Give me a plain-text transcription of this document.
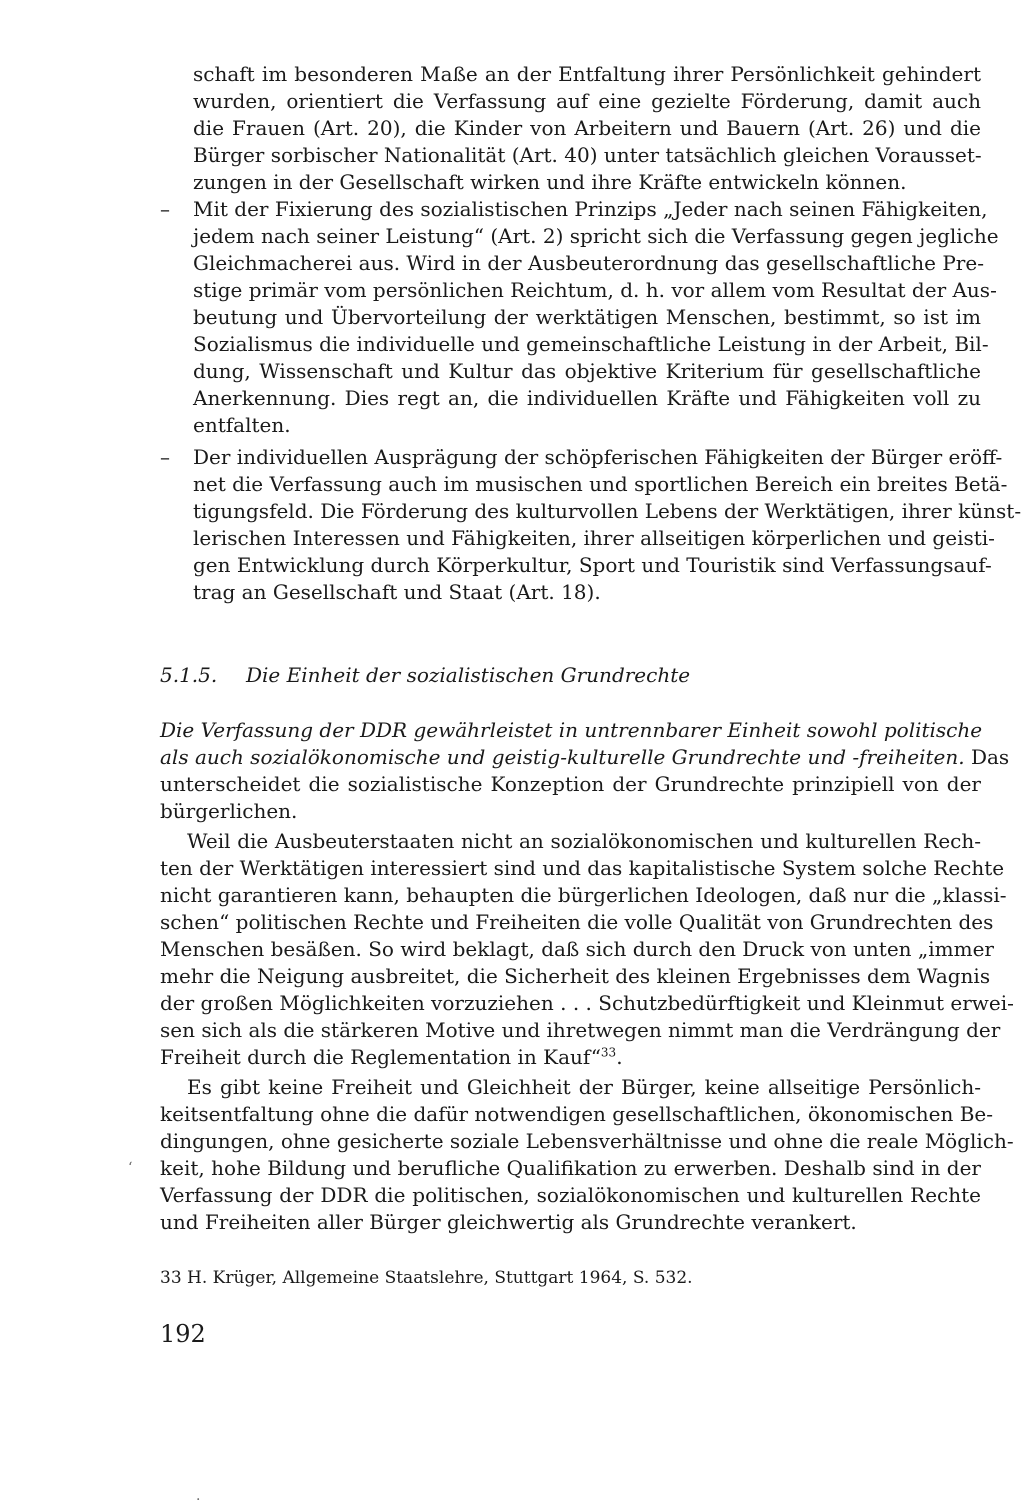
schaft im besonderen Maße an der Entfaltung ihrer Persönlichkeit gehindert
wurden, orientiert die Verfassung auf eine gezielte Förderung, damit auch
die Frauen (Art. 20), die Kinder von Arbeitern und Bauern (Art. 26) und die
Bürger sorbischer Nationalität (Art. 40) unter tatsächlich gleichen Vorausset-
zungen in der Gesellschaft wirken und ihre Kräfte entwickeln können.
– Mit der Fixierung des sozialistischen Prinzips „Jeder nach seinen Fähigkeiten,
jedem nach seiner Leistung“ (Art. 2) spricht sich die Verfassung gegen jegliche
Gleichmacherei aus. Wird in der Ausbeuterordnung das gesellschaftliche Pre-
stige primär vom persönlichen Reichtum, d. h. vor allem vom Resultat der Aus-
beutung und Übervorteilung der werktätigen Menschen, bestimmt, so ist im
Sozialismus die individuelle und gemeinschaftliche Leistung in der Arbeit, Bil-
dung, Wissenschaft und Kultur das objektive Kriterium für gesellschaftliche
Anerkennung. Dies regt an, die individuellen Kräfte und Fähigkeiten voll zu
entfalten.
– Der individuellen Ausprägung der schöpferischen Fähigkeiten der Bürger eröff-
net die Verfassung auch im musischen und sportlichen Bereich ein breites Betä-
tigungsfeld. Die Förderung des kulturvollen Lebens der Werktätigen, ihrer künst-
lerischen Interessen und Fähigkeiten, ihrer allseitigen körperlichen und geisti-
gen Entwicklung durch Körperkultur, Sport und Touristik sind Verfassungsauf-
trag an Gesellschaft und Staat (Art. 18).
5.1.5. Die Einheit der sozialistischen Grundrechte
Die Verfassung der DDR gewährleistet in untrennbarer Einheit sowohl politische
als auch sozialökonomische und geistig-kulturelle Grundrechte und -freiheiten. Das
unterscheidet die sozialistische Konzeption der Grundrechte prinzipiell von der
bürgerlichen.
Weil die Ausbeuterstaaten nicht an sozialökonomischen und kulturellen Rech-
ten der Werktätigen interessiert sind und das kapitalistische System solche Rechte
nicht garantieren kann, behaupten die bürgerlichen Ideologen, daß nur die „klassi-
schen“ politischen Rechte und Freiheiten die volle Qualität von Grundrechten des
Menschen besäßen. So wird beklagt, daß sich durch den Druck von unten „immer
mehr die Neigung ausbreitet, die Sicherheit des kleinen Ergebnisses dem Wagnis
der großen Möglichkeiten vorzuziehen . . . Schutzbedürftigkeit und Kleinmut erwei-
sen sich als die stärkeren Motive und ihretwegen nimmt man die Verdrängung der
Freiheit durch die Reglementation in Kauf“$^{33}$.
Es gibt keine Freiheit und Gleichheit der Bürger, keine allseitige Persönlich-
keitsentfaltung ohne die dafür notwendigen gesellschaftlichen, ökonomischen Be-
dingungen, ohne gesicherte soziale Lebensverhältnisse und ohne die reale Möglich-
keit, hohe Bildung und berufliche Qualifikation zu erwerben. Deshalb sind in der
Verfassung der DDR die politischen, sozialökonomischen und kulturellen Rechte
und Freiheiten aller Bürger gleichwertig als Grundrechte verankert.
33 H. Krüger, Allgemeine Staatslehre, Stuttgart 1964, S. 532.
192
ʻ
·
